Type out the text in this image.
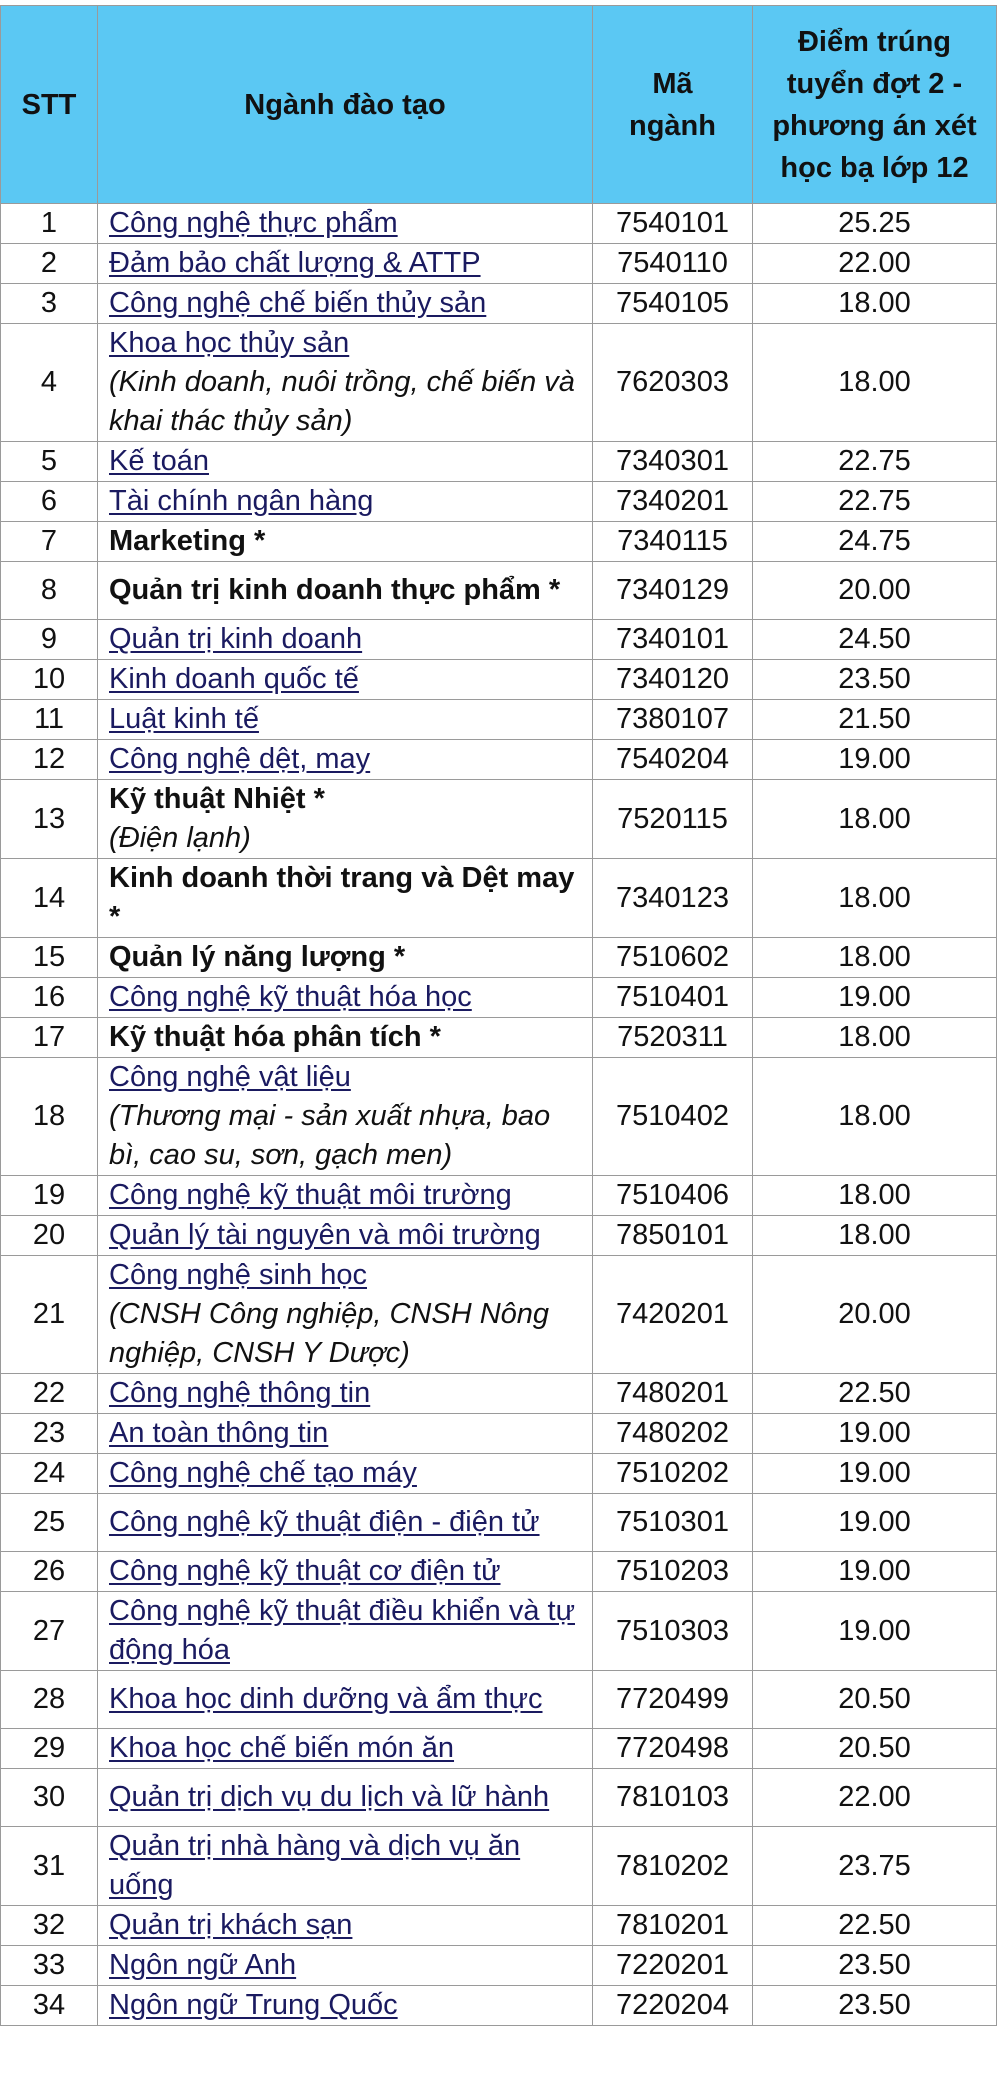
STT	Ngành đào tạo	Mã ngành	Điểm trúng tuyển đợt 2 - phương án xét học bạ lớp 12
1	Công nghệ thực phẩm	7540101	25.25
2	Đảm bảo chất lượng & ATTP	7540110	22.00
3	Công nghệ chế biến thủy sản	7540105	18.00
4	Khoa học thủy sản
(Kinh doanh, nuôi trồng, chế biến và khai thác thủy sản)	7620303	18.00
5	Kế toán	7340301	22.75
6	Tài chính ngân hàng	7340201	22.75
7	Marketing *	7340115	24.75
8	Quản trị kinh doanh thực phẩm *	7340129	20.00
9	Quản trị kinh doanh	7340101	24.50
10	Kinh doanh quốc tế	7340120	23.50
11	Luật kinh tế	7380107	21.50
12	Công nghệ dệt, may	7540204	19.00
13	Kỹ thuật Nhiệt *
(Điện lạnh)	7520115	18.00
14	Kinh doanh thời trang và Dệt may *	7340123	18.00
15	Quản lý năng lượng *	7510602	18.00
16	Công nghệ kỹ thuật hóa học	7510401	19.00
17	Kỹ thuật hóa phân tích *	7520311	18.00
18	Công nghệ vật liệu
(Thương mại - sản xuất nhựa, bao bì, cao su, sơn, gạch men)	7510402	18.00
19	Công nghệ kỹ thuật môi trường	7510406	18.00
20	Quản lý tài nguyên và môi trường	7850101	18.00
21	Công nghệ sinh học
(CNSH Công nghiệp, CNSH Nông nghiệp, CNSH Y Dược)	7420201	20.00
22	Công nghệ thông tin	7480201	22.50
23	An toàn thông tin	7480202	19.00
24	Công nghệ chế tạo máy	7510202	19.00
25	Công nghệ kỹ thuật điện - điện tử	7510301	19.00
26	Công nghệ kỹ thuật cơ điện tử	7510203	19.00
27	Công nghệ kỹ thuật điều khiển và tự động hóa	7510303	19.00
28	Khoa học dinh dưỡng và ẩm thực	7720499	20.50
29	Khoa học chế biến món ăn	7720498	20.50
30	Quản trị dịch vụ du lịch và lữ hành	7810103	22.00
31	Quản trị nhà hàng và dịch vụ ăn uống	7810202	23.75
32	Quản trị khách sạn	7810201	22.50
33	Ngôn ngữ Anh	7220201	23.50
34	Ngôn ngữ Trung Quốc	7220204	23.50
